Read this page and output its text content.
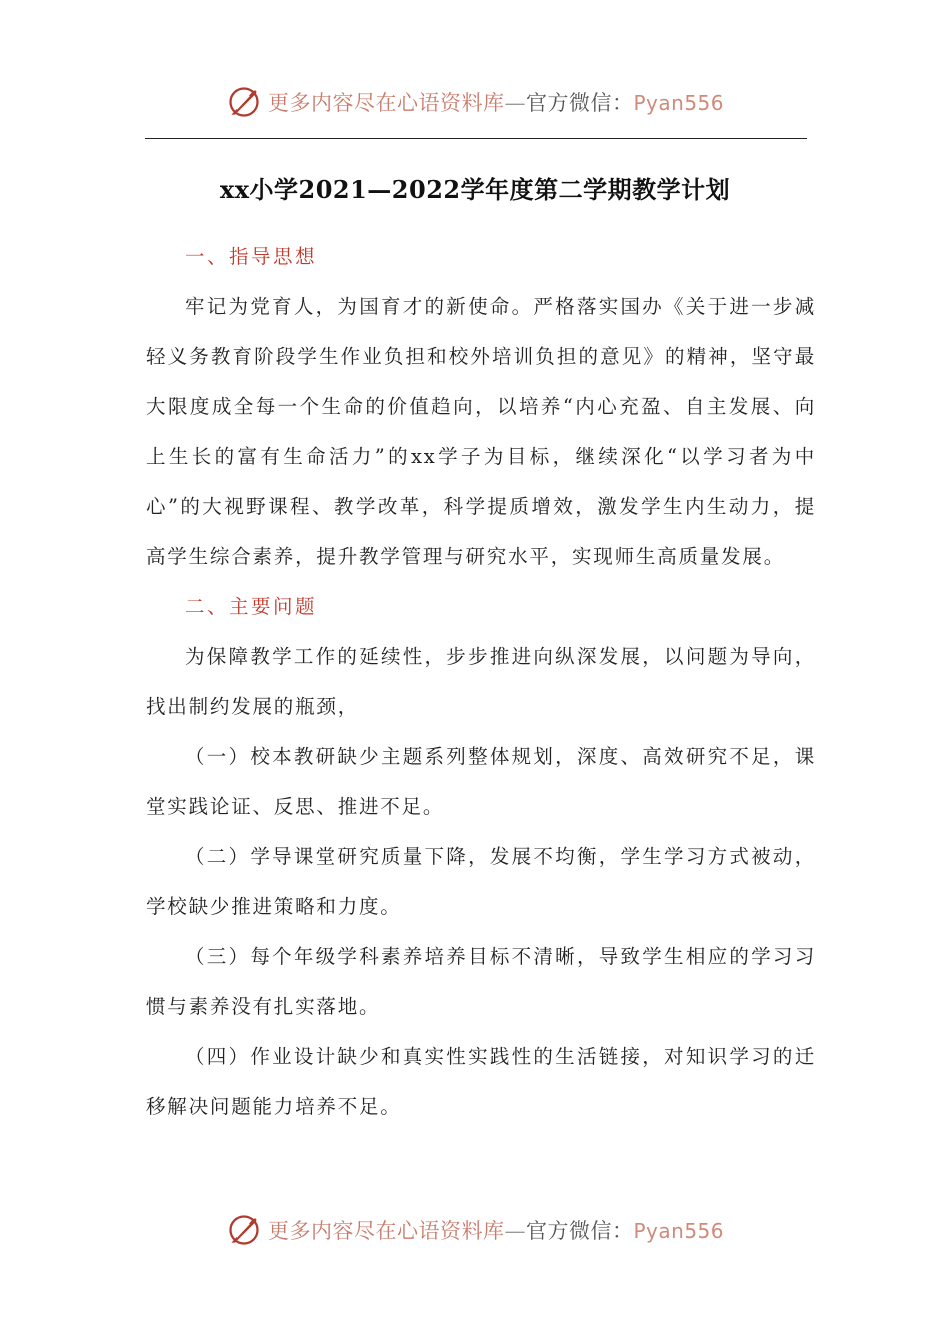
更多内容尽在心语资料库—官方微信：Pyan556
xx小学2021—2022学年度第二学期教学计划

一、指导思想

牢记为党育人，为国育才的新使命。严格落实国办《关于进一步减轻义务教育阶段学生作业负担和校外培训负担的意见》的精神，坚守最大限度成全每一个生命的价值趋向，以培养“内心充盈、自主发展、向上生长的富有生命活力”的xx学子为目标，继续深化“以学习者为中心”的大视野课程、教学改革，科学提质增效，激发学生内生动力，提高学生综合素养，提升教学管理与研究水平，实现师生高质量发展。

二、主要问题

为保障教学工作的延续性，步步推进向纵深发展，以问题为导向，找出制约发展的瓶颈，

（一）校本教研缺少主题系列整体规划，深度、高效研究不足，课堂实践论证、反思、推进不足。

（二）学导课堂研究质量下降，发展不均衡，学生学习方式被动，学校缺少推进策略和力度。

（三）每个年级学科素养培养目标不清晰，导致学生相应的学习习惯与素养没有扎实落地。

（四）作业设计缺少和真实性实践性的生活链接，对知识学习的迁移解决问题能力培养不足。

更多内容尽在心语资料库—官方微信：Pyan556
